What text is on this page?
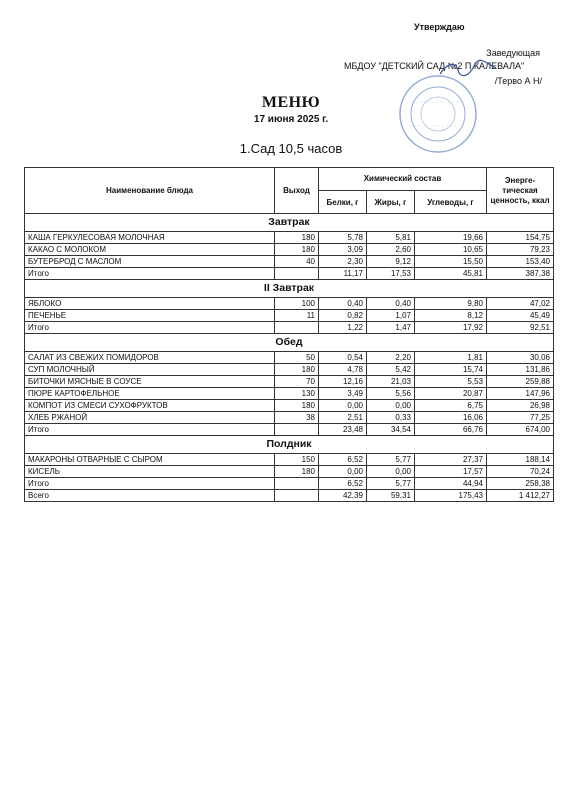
Утверждаю
Заведующая
МБДОУ "ДЕТСКИЙ САД №2 П.КАЛЕВАЛА"
/Терво А Н/
МЕНЮ
17 июня 2025 г.
1.Сад 10,5 часов
Наименование блюда	Выход	Химический состав			Энерге-тическая ценность, ккал
		Белки, г	Жиры, г	Углеводы, г	
Завтрак					
КАША ГЕРКУЛЕСОВАЯ МОЛОЧНАЯ	180	5,78	5,81	19,66	154,75
КАКАО С МОЛОКОМ	180	3,09	2,60	10,65	79,23
БУТЕРБРОД С МАСЛОМ	40	2,30	9,12	15,50	153,40
Итого		11,17	17,53	45,81	387,38
II Завтрак					
ЯБЛОКО	100	0,40	0,40	9,80	47,02
ПЕЧЕНЬЕ	11	0,82	1,07	8,12	45,49
Итого		1,22	1,47	17,92	92,51
Обед					
САЛАТ ИЗ СВЕЖИХ ПОМИДОРОВ	50	0,54	2,20	1,81	30,06
СУП МОЛОЧНЫЙ	180	4,78	5,42	15,74	131,86
БИТОЧКИ МЯСНЫЕ В СОУСЕ	70	12,16	21,03	5,53	259,88
ПЮРЕ КАРТОФЕЛЬНОЕ	130	3,49	5,56	20,87	147,96
КОМПОТ ИЗ СМЕСИ СУХОФРУКТОВ	180	0,00	0,00	6,75	26,98
ХЛЕБ РЖАНОЙ	38	2,51	0,33	16,06	77,25
Итого		23,48	34,54	66,76	674,00
Полдник					
МАКАРОНЫ ОТВАРНЫЕ С СЫРОМ	150	6,52	5,77	27,37	188,14
КИСЕЛЬ	180	0,00	0,00	17,57	70,24
Итого		6,52	5,77	44,94	258,38
Всего		42,39	59,31	175,43	1 412,27
